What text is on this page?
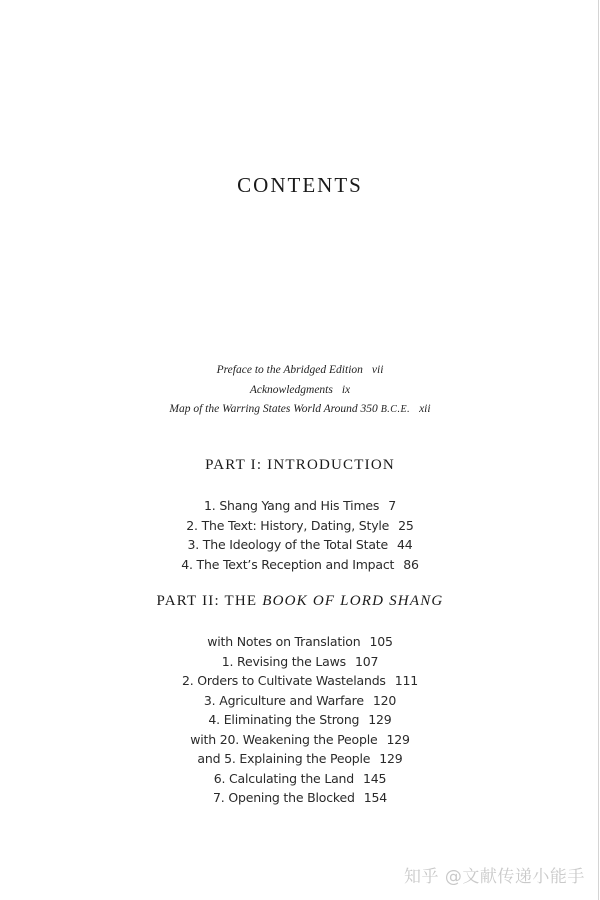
CONTENTS
Preface to the Abridged Edition vii
Acknowledgments ix
Map of the Warring States World Around 350 B.C.E. xii
PART I: INTRODUCTION
1. Shang Yang and His Times 7
2. The Text: History, Dating, Style 25
3. The Ideology of the Total State 44
4. The Text’s Reception and Impact 86
PART II: THE BOOK OF LORD SHANG
with Notes on Translation 105
1. Revising the Laws 107
2. Orders to Cultivate Wastelands 111
3. Agriculture and Warfare 120
4. Eliminating the Strong 129
with 20. Weakening the People 129
and 5. Explaining the People 129
6. Calculating the Land 145
7. Opening the Blocked 154
知乎 @文献传递小能手
